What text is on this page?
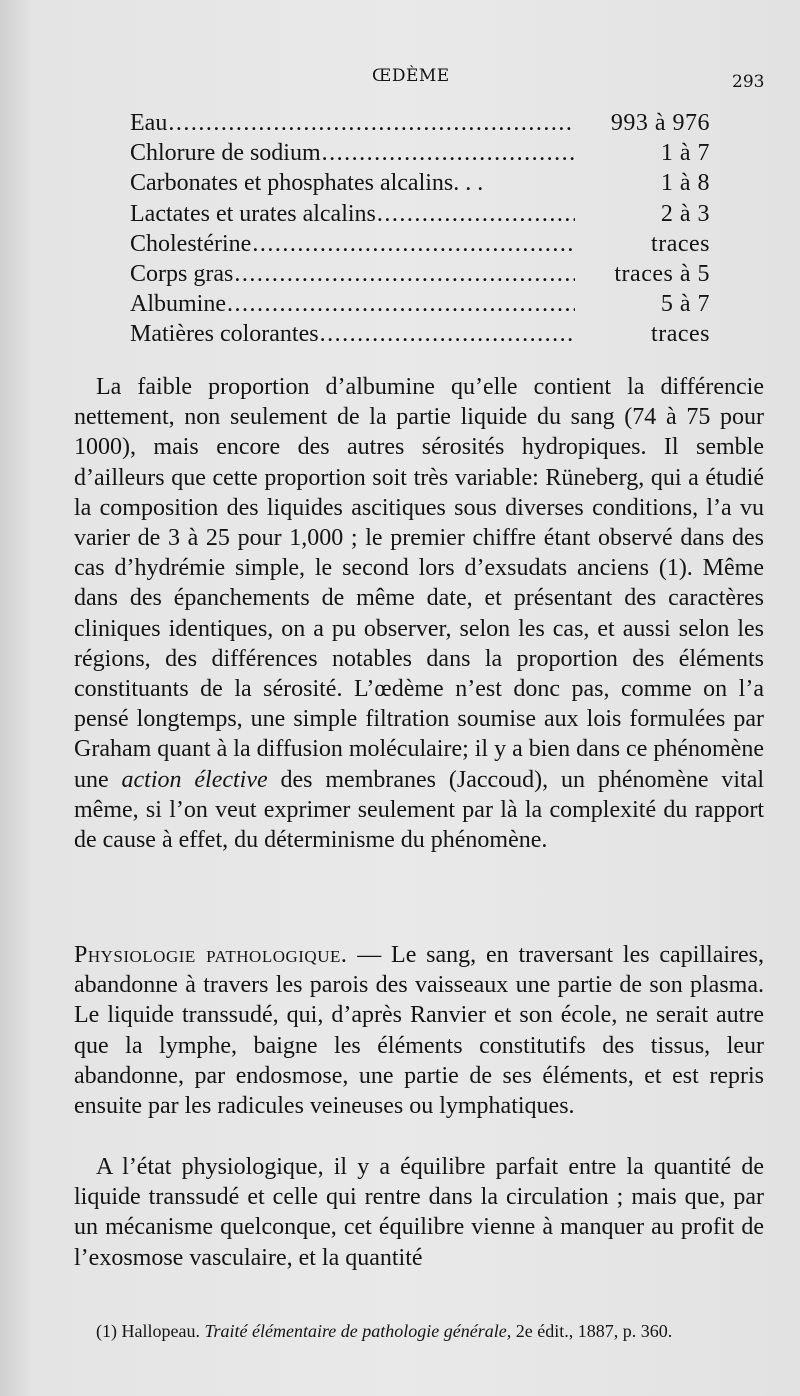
ŒDÈME	293
Eau .....	993 à 976
Chlorure de sodium .....	1 à 7
Carbonates et phosphates alcalins. . .	1 à 8
Lactates et urates alcalins .....	2 à 3
Cholestérine .....	traces
Corps gras .....	traces à 5
Albumine .....	5 à 7
Matières colorantes .....	traces

La faible proportion d’albumine qu’elle contient la différencie nettement, non seulement de la partie liquide du sang (74 à 75 pour 1000), mais encore des autres sérosités hydropiques. Il semble d’ailleurs que cette proportion soit très variable: Rüneberg, qui a étudié la composition des liquides ascitiques sous diverses conditions, l’a vu varier de 3 à 25 pour 1,000 ; le premier chiffre étant observé dans des cas d’hydrémie simple, le second lors d’exsudats anciens (1). Même dans des épanchements de même date, et présentant des caractères cliniques identiques, on a pu observer, selon les cas, et aussi selon les régions, des différences notables dans la proportion des éléments constituants de la sérosité. L’œdème n’est donc pas, comme on l’a pensé longtemps, une simple filtration soumise aux lois formulées par Graham quant à la diffusion moléculaire; il y a bien dans ce phénomène une action élective des membranes (Jaccoud), un phénomène vital même, si l’on veut exprimer seulement par là la complexité du rapport de cause à effet, du déterminisme du phénomène.

Physiologie pathologique. — Le sang, en traversant les capillaires, abandonne à travers les parois des vaisseaux une partie de son plasma. Le liquide transsudé, qui, d’après Ranvier et son école, ne serait autre que la lymphe, baigne les éléments constitutifs des tissus, leur abandonne, par endosmose, une partie de ses éléments, et est repris ensuite par les radicules veineuses ou lymphatiques.

A l’état physiologique, il y a équilibre parfait entre la quantité de liquide transsudé et celle qui rentre dans la circulation ; mais que, par un mécanisme quelconque, cet équilibre vienne à manquer au profit de l’exosmose vasculaire, et la quantité

(1) Hallopeau. Traité élémentaire de pathologie générale, 2e édit., 1887, p. 360.
